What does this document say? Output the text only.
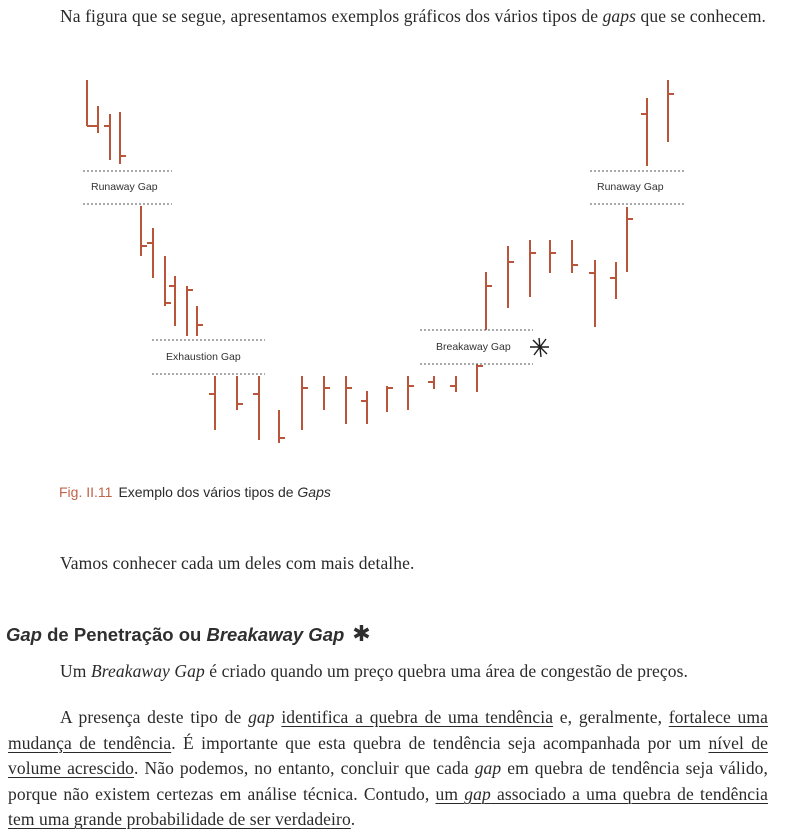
Na figura que se segue, apresentamos exemplos gráficos dos vários tipos de gaps que se conhecem.
Runaway Gap	Runaway Gap
Exhaustion Gap
Breakaway Gap
Fig. II.11 Exemplo dos vários tipos de Gaps
Vamos conhecer cada um deles com mais detalhe.
Gap de Penetração ou Breakaway Gap ✱
Um Breakaway Gap é criado quando um preço quebra uma área de congestão de preços.
A presença deste tipo de gap identifica a quebra de uma tendência e, geralmente, fortalece uma mudança de tendência. É importante que esta quebra de tendência seja acompanhada por um nível de volume acrescido. Não podemos, no entanto, concluir que cada gap em quebra de tendência seja válido, porque não existem certezas em análise técnica. Contudo, um gap associado a uma quebra de tendência tem uma grande probabilidade de ser verdadeiro.
